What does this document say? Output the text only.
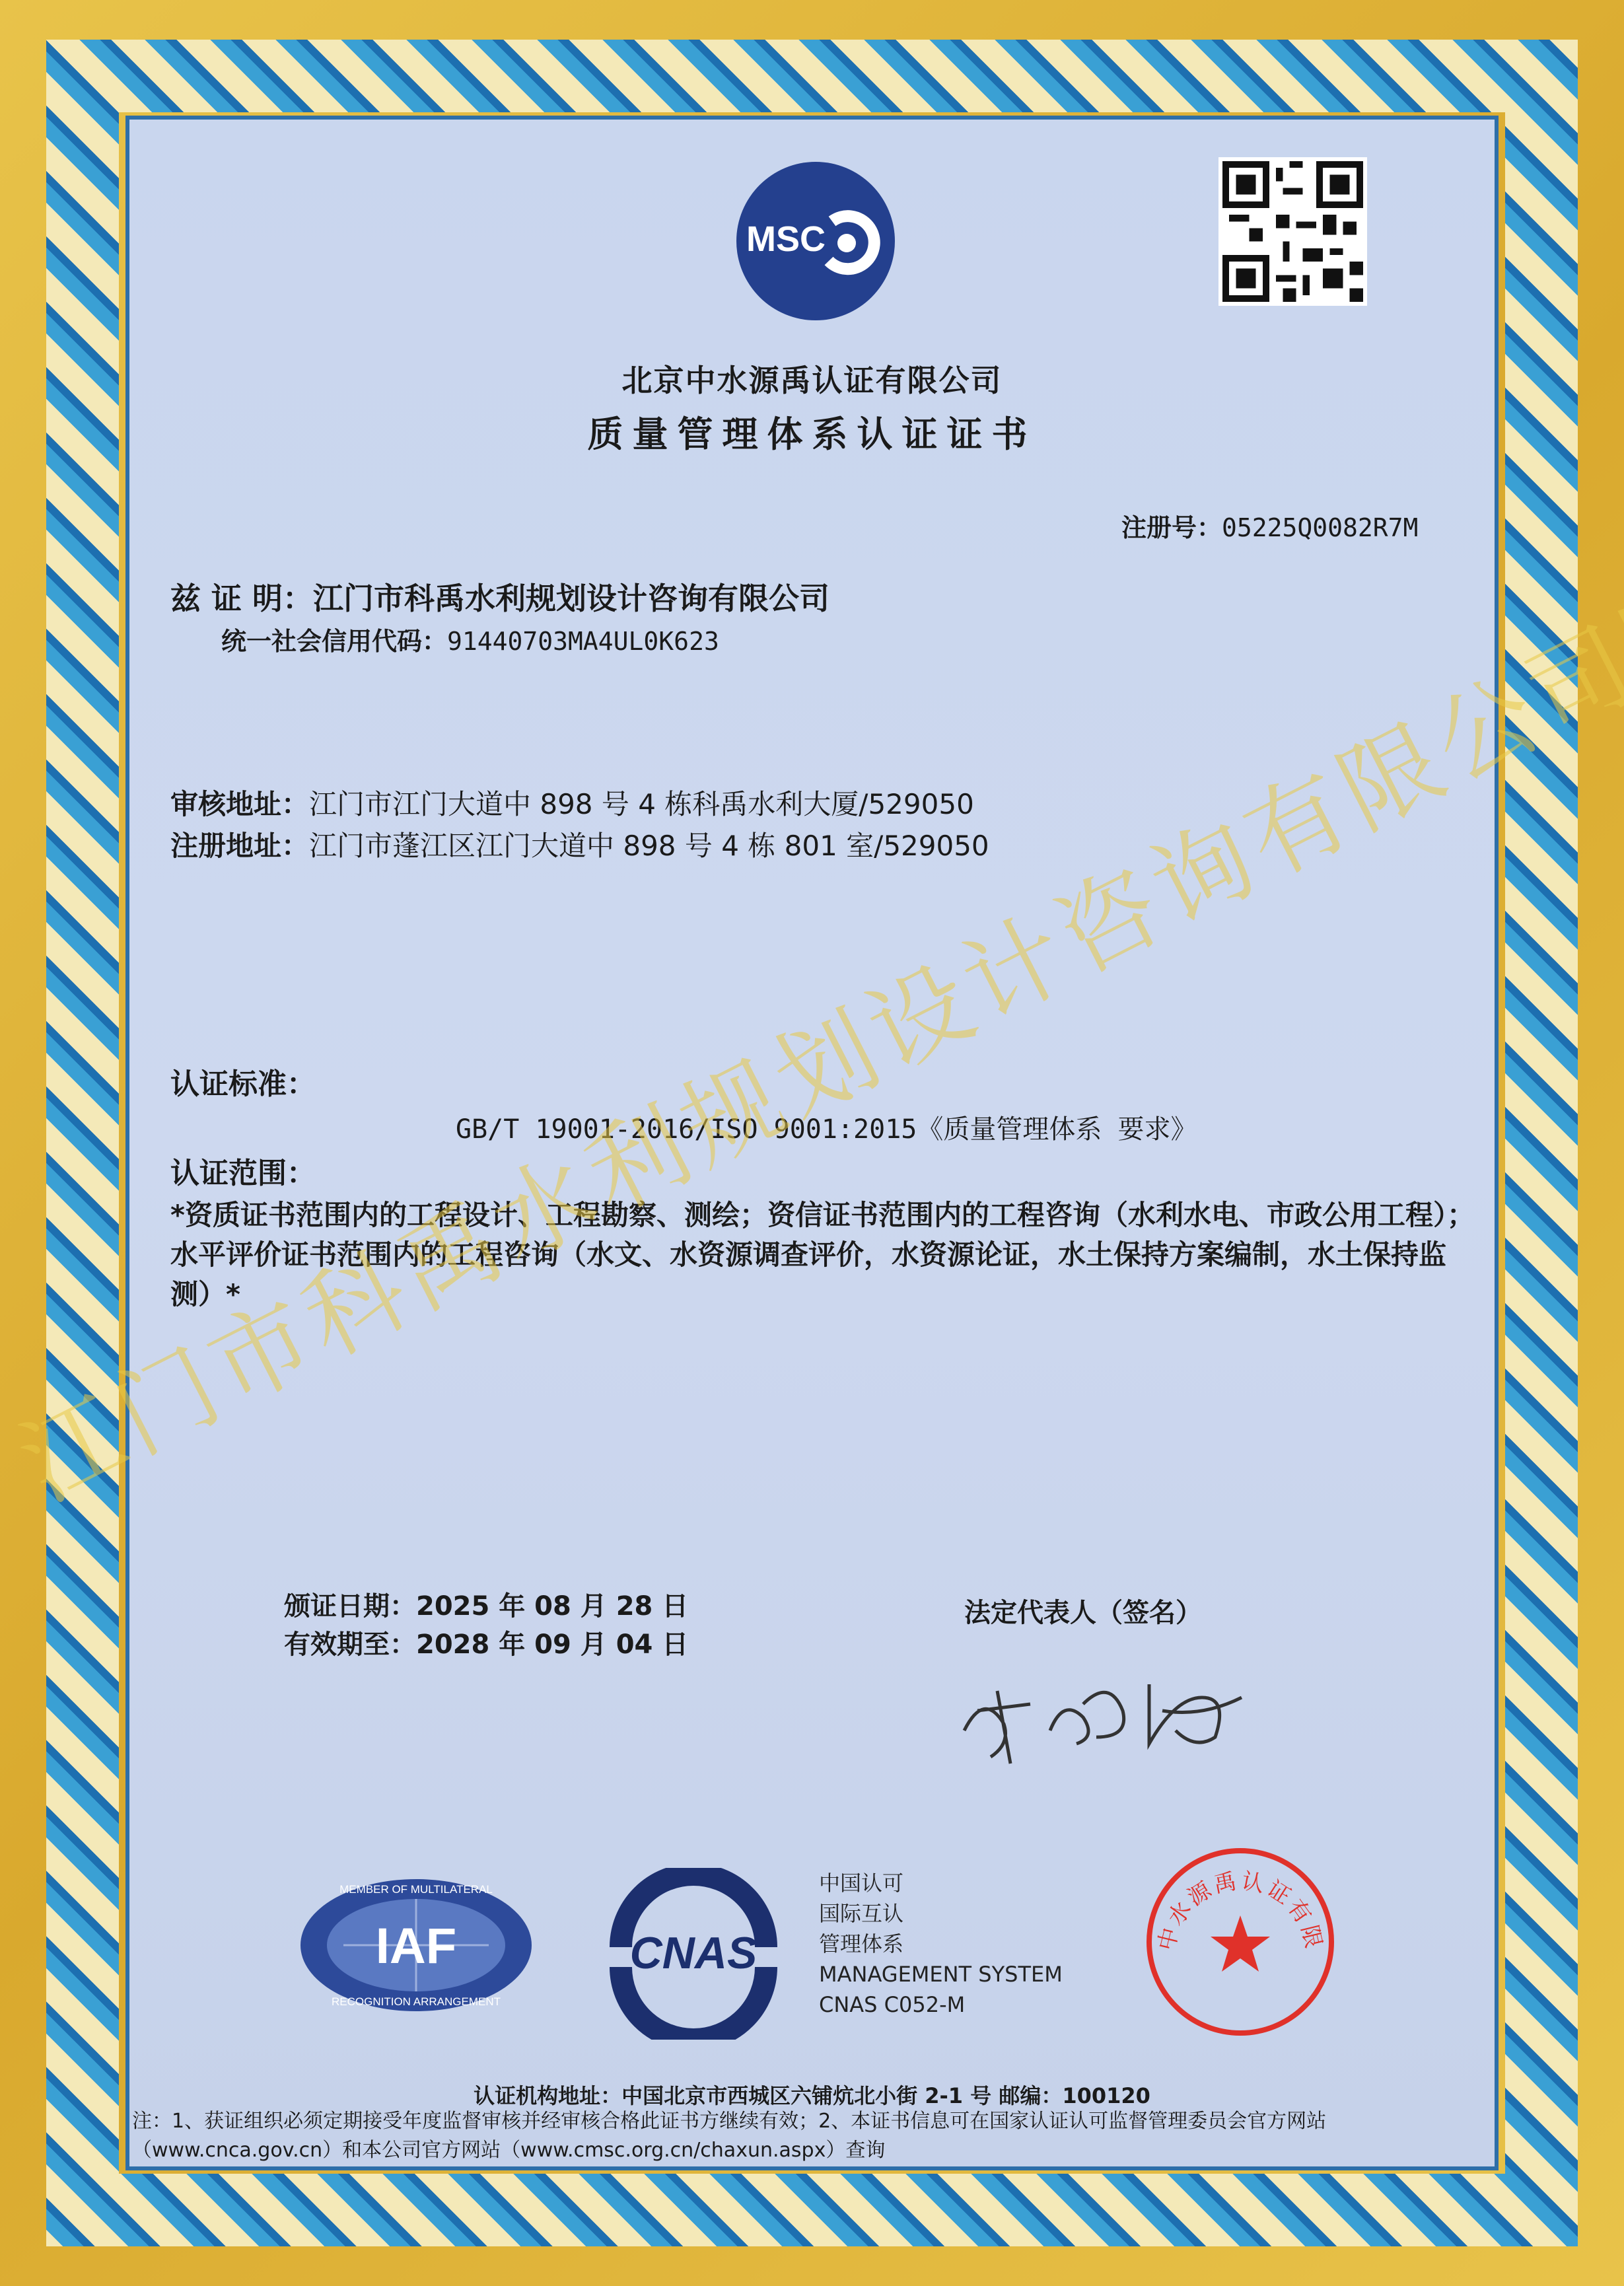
MSC
北京中水源禹认证有限公司
质量管理体系认证证书
注册号：05225Q0082R7M
兹 证 明：江门市科禹水利规划设计咨询有限公司
统一社会信用代码：91440703MA4UL0K623
审核地址：江门市江门大道中 898 号 4 栋科禹水利大厦/529050
注册地址：江门市蓬江区江门大道中 898 号 4 栋 801 室/529050
认证标准：
GB/T 19001-2016/ISO 9001:2015《质量管理体系 要求》
认证范围：
*资质证书范围内的工程设计、工程勘察、测绘；资信证书范围内的工程咨询（水利水电、市政公用工程）；水平评价证书范围内的工程咨询（水文、水资源调查评价，水资源论证，水土保持方案编制，水土保持监测）*
颁证日期：2025 年 08 月 28 日
有效期至：2028 年 09 月 04 日
法定代表人（签名）
MEMBER OF MULTILATERAL
IAF
RECOGNITION ARRANGEMENT
CNAS
中国认可
国际互认
管理体系
MANAGEMENT SYSTEM
CNAS C052-M
中水源禹认证有限
认证机构地址：中国北京市西城区六铺炕北小街 2-1 号 邮编：100120
注：1、获证组织必须定期接受年度监督审核并经审核合格此证书方继续有效；2、本证书信息可在国家认证认可监督管理委员会官方网站（www.cnca.gov.cn）和本公司官方网站（www.cmsc.org.cn/chaxun.aspx）查询
